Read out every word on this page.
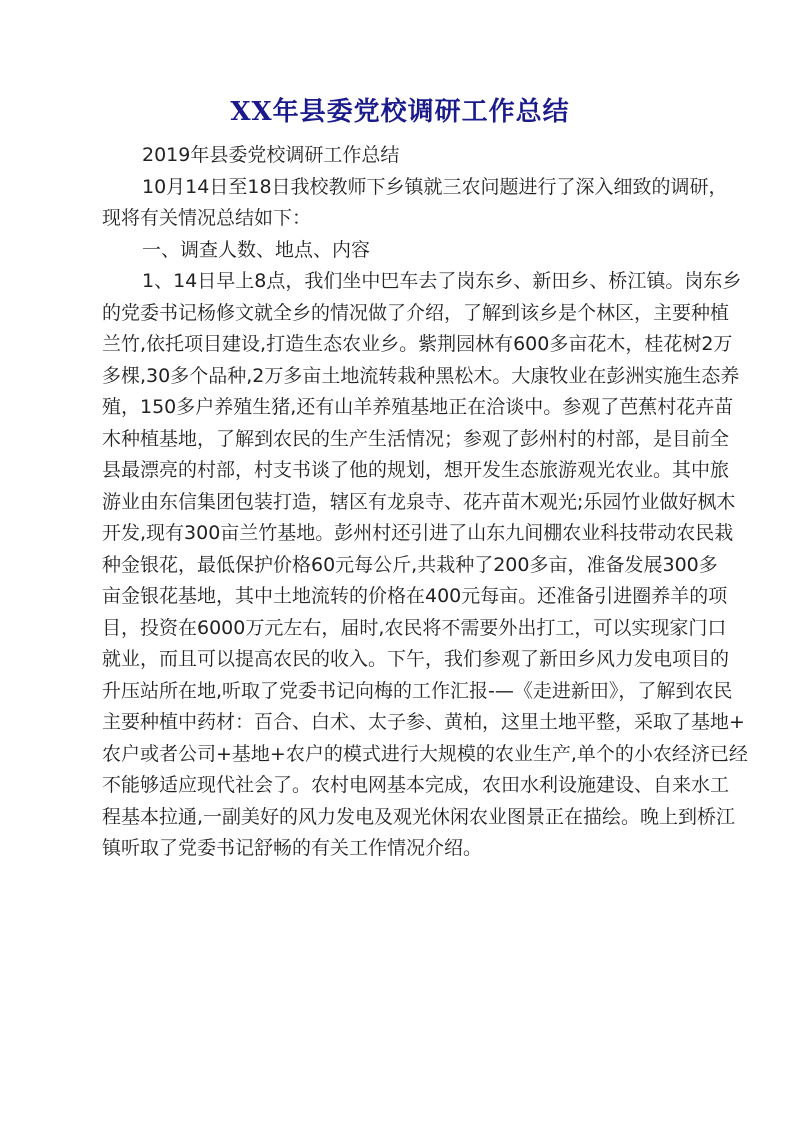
XX年县委党校调研工作总结

2019年县委党校调研工作总结

10月14日至18日我校教师下乡镇就三农问题进行了深入细致的调研，
现将有关情况总结如下：

一、调查人数、地点、内容

1、14日早上8点，我们坐中巴车去了岗东乡、新田乡、桥江镇。岗东乡
的党委书记杨修文就全乡的情况做了介绍，了解到该乡是个林区，主要种植
兰竹,依托项目建设,打造生态农业乡。紫荆园林有600多亩花木，桂花树2万
多棵,30多个品种,2万多亩土地流转栽种黑松木。大康牧业在彭洲实施生态养
殖，150多户养殖生猪,还有山羊养殖基地正在洽谈中。参观了芭蕉村花卉苗
木种植基地，了解到农民的生产生活情况；参观了彭州村的村部，是目前全
县最漂亮的村部，村支书谈了他的规划，想开发生态旅游观光农业。其中旅
游业由东信集团包装打造，辖区有龙泉寺、花卉苗木观光;乐园竹业做好枫木
开发,现有300亩兰竹基地。彭州村还引进了山东九间棚农业科技带动农民栽
种金银花，最低保护价格60元每公斤,共栽种了200多亩，准备发展300多
亩金银花基地，其中土地流转的价格在400元每亩。还准备引进圈养羊的项
目，投资在6000万元左右，届时,农民将不需要外出打工，可以实现家门口
就业，而且可以提高农民的收入。下午，我们参观了新田乡风力发电项目的
升压站所在地,听取了党委书记向梅的工作汇报-—《走进新田》，了解到农民
主要种植中药材：百合、白术、太子参、黄柏，这里土地平整，采取了基地+
农户或者公司+基地+农户的模式进行大规模的农业生产,单个的小农经济已经
不能够适应现代社会了。农村电网基本完成，农田水利设施建设、自来水工
程基本拉通,一副美好的风力发电及观光休闲农业图景正在描绘。晚上到桥江
镇听取了党委书记舒畅的有关工作情况介绍。
